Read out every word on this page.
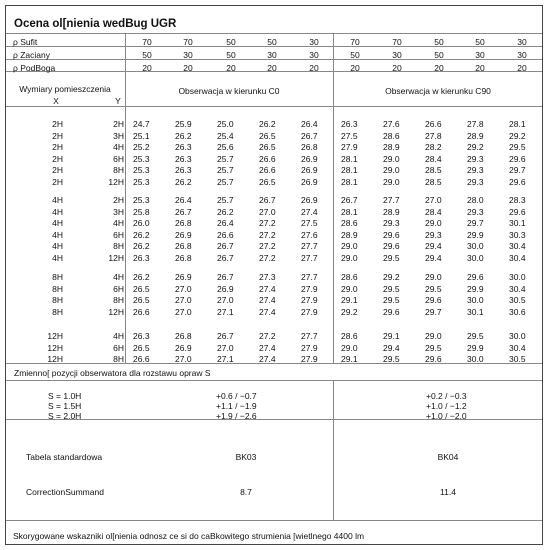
Ocena ol[nienia wedBug UGR
ρ Sufit	70	70	50	50	30	70	70	50	50	30
ρ Zaciany	50	30	50	30	30	50	30	50	30	30
ρ PodBoga	20	20	20	20	20	20	20	20	20	20
Wymiary pomieszczenia
X	Y
Obserwacja w kierunku C0	Obserwacja w kierunku C90
2H	2H 24.7	25.9	25.0	26.2	26.4	26.3	27.6	26.6	27.8	28.1
2H	3H 25.1	26.2	25.4	26.5	26.7	27.5	28.6	27.8	28.9	29.2
2H	4H 25.2	26.3	25.6	26.5	26.8	27.9	28.9	28.2	29.2	29.5
2H	6H 25.3	26.3	25.7	26.6	26.9	28.1	29.0	28.4	29.3	29.6
2H	8H 25.3	26.3	25.7	26.6	26.9	28.1	29.0	28.5	29.3	29.7
2H	12H 25.3	26.2	25.7	26.5	26.9	28.1	29.0	28.5	29.3	29.6
4H	2H 25.3	26.4	25.7	26.7	26.9	26.7	27.7	27.0	28.0	28.3
4H	3H 25.8	26.7	26.2	27.0	27.4	28.1	28.9	28.4	29.3	29.6
4H	4H 26.0	26.8	26.4	27.2	27.5	28.6	29.3	29.0	29.7	30.1
4H	6H 26.2	26.9	26.6	27.2	27.6	28.9	29.6	29.3	29.9	30.3
4H	8H 26.2	26.8	26.7	27.2	27.7	29.0	29.6	29.4	30.0	30.4
4H	12H 26.3	26.8	26.7	27.2	27.7	29.0	29.5	29.4	30.0	30.4
8H	4H 26.2	26.9	26.7	27.3	27.7	28.6	29.2	29.0	29.6	30.0
8H	6H 26.5	27.0	26.9	27.4	27.9	29.0	29.5	29.5	29.9	30.4
8H	8H 26.5	27.0	27.0	27.4	27.9	29.1	29.5	29.6	30.0	30.5
8H	12H 26.6	27.0	27.1	27.4	27.9	29.2	29.6	29.7	30.1	30.6
12H	4H 26.3	26.8	26.7	27.2	27.7	28.6	29.1	29.0	29.5	30.0
12H	6H 26.5	26.9	27.0	27.4	27.9	29.0	29.4	29.5	29.9	30.4
12H	8H 26.6	27.0	27.1	27.4	27.9	29.1	29.5	29.6	30.0	30.5
Zmienno[ pozycji obserwatora dla rozstawu opraw S
S = 1.0H	+0.6 / −0.7	+0.2 / −0.3
S = 1.5H	+1.1 / −1.9	+1.0 / −1.2
S = 2.0H	+1.9 / −2.6	+1.0 / −2.0
Tabela standardowa	BK03	BK04
CorrectionSummand	8.7	11.4
Skorygowane wskazniki ol[nienia odnosz ce si do caBkowitego strumienia [wietlnego 4400 lm
